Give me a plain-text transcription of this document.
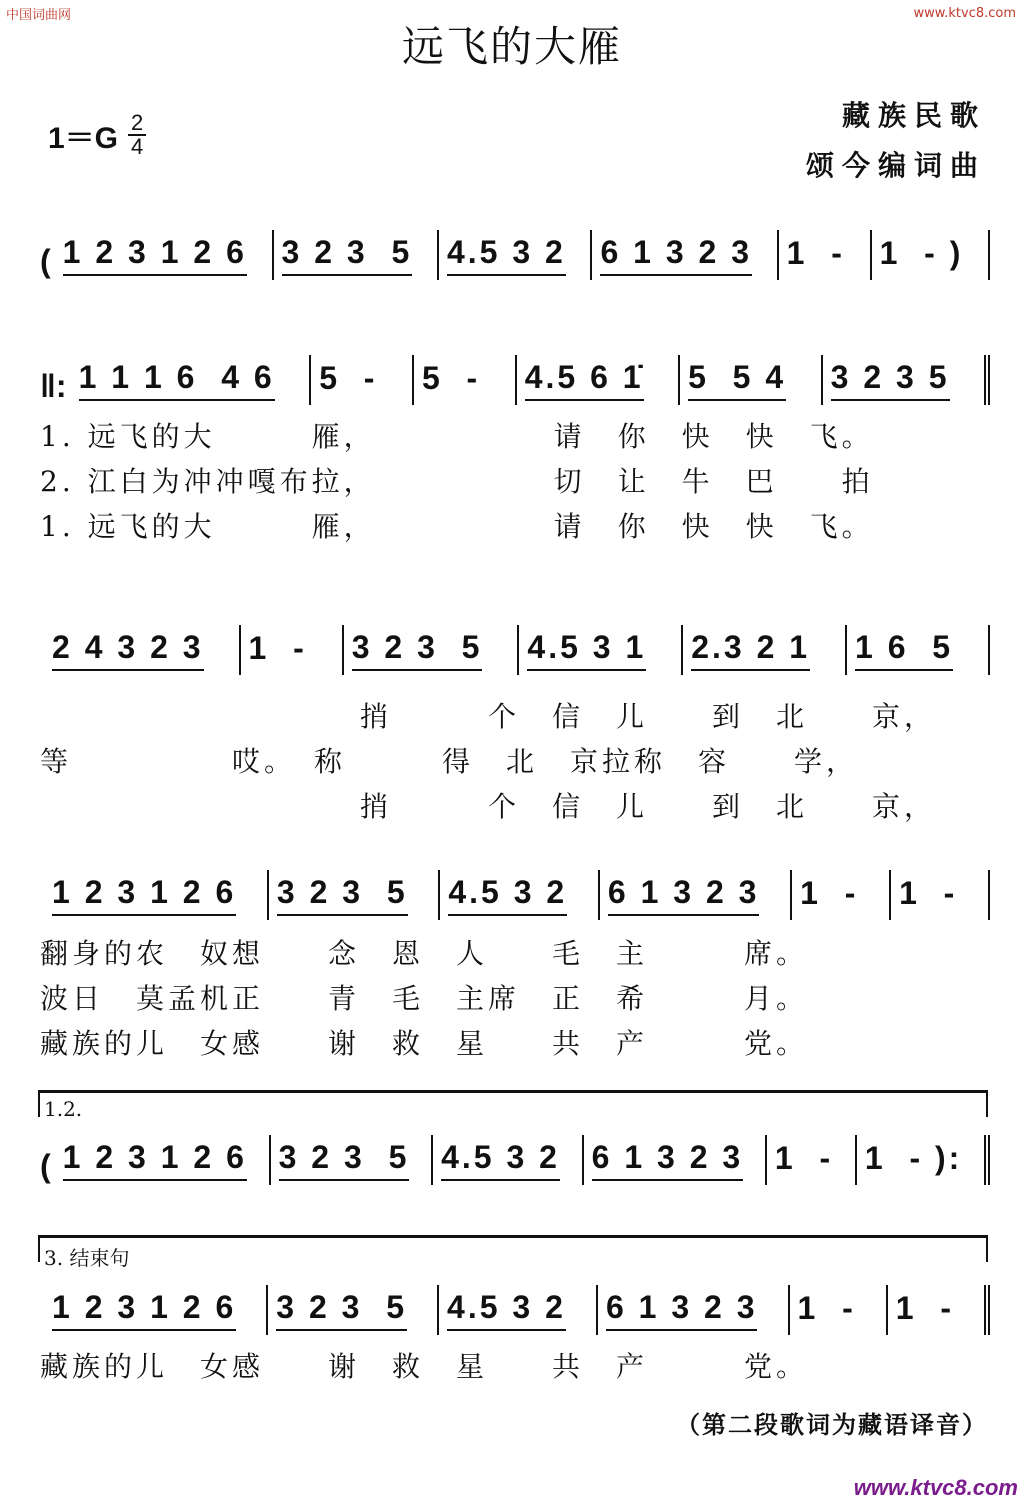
中国词曲网	www.ktvc8.com
远飞的大雁
$1=G \frac{2}{4}$	藏族民歌
颂今编词曲
( 1 2 3 1 2 6 3 2 3  5 4.5 3 2 6 1 3 2 3 1  - 1  - )
‖: 1 1 1 6  4 6 5  - 5  - 4.5 6 1̇ 5  5 4 3 2 3 5
1. 远飞的大　　　雁，　　　　　　请　你　快　快　飞。
2. 江白为冲冲嘎布拉，　　　　　　切　让　牛　巴　　拍
1. 远飞的大　　　雁，　　　　　　请　你　快　快　飞。
2 4 3 2 3 1  - 3 2 3  5 4.5 3 1 2.3 2 1 1 6  5
　　　　　　　　　　捎　　　个　信　儿　　到　北　　京，
等　　　　　哎。　称　　　得　北　京拉称　容　　学，
　　　　　　　　　　捎　　　个　信　儿　　到　北　　京，
1 2 3 1 2 6 3 2 3  5 4.5 3 2 6 1 3 2 3 1  - 1  -
翻身的农　奴想　　念　恩　人　　毛　主　　　席。
波日　莫孟机正　　青　毛　主席　正　希　　　月。
藏族的儿　女感　　谢　救　星　　共　产　　　党。
1.2.
( 1 2 3 1 2 6 3 2 3  5 4.5 3 2 6 1 3 2 3 1  - 1  - ):
3. 结束句
1 2 3 1 2 6 3 2 3  5 4.5 3 2 6 1 3 2 3 1  - 1  -
藏族的儿　女感　　谢　救　星　　共　产　　　党。
（第二段歌词为藏语译音）
www.ktvc8.com
